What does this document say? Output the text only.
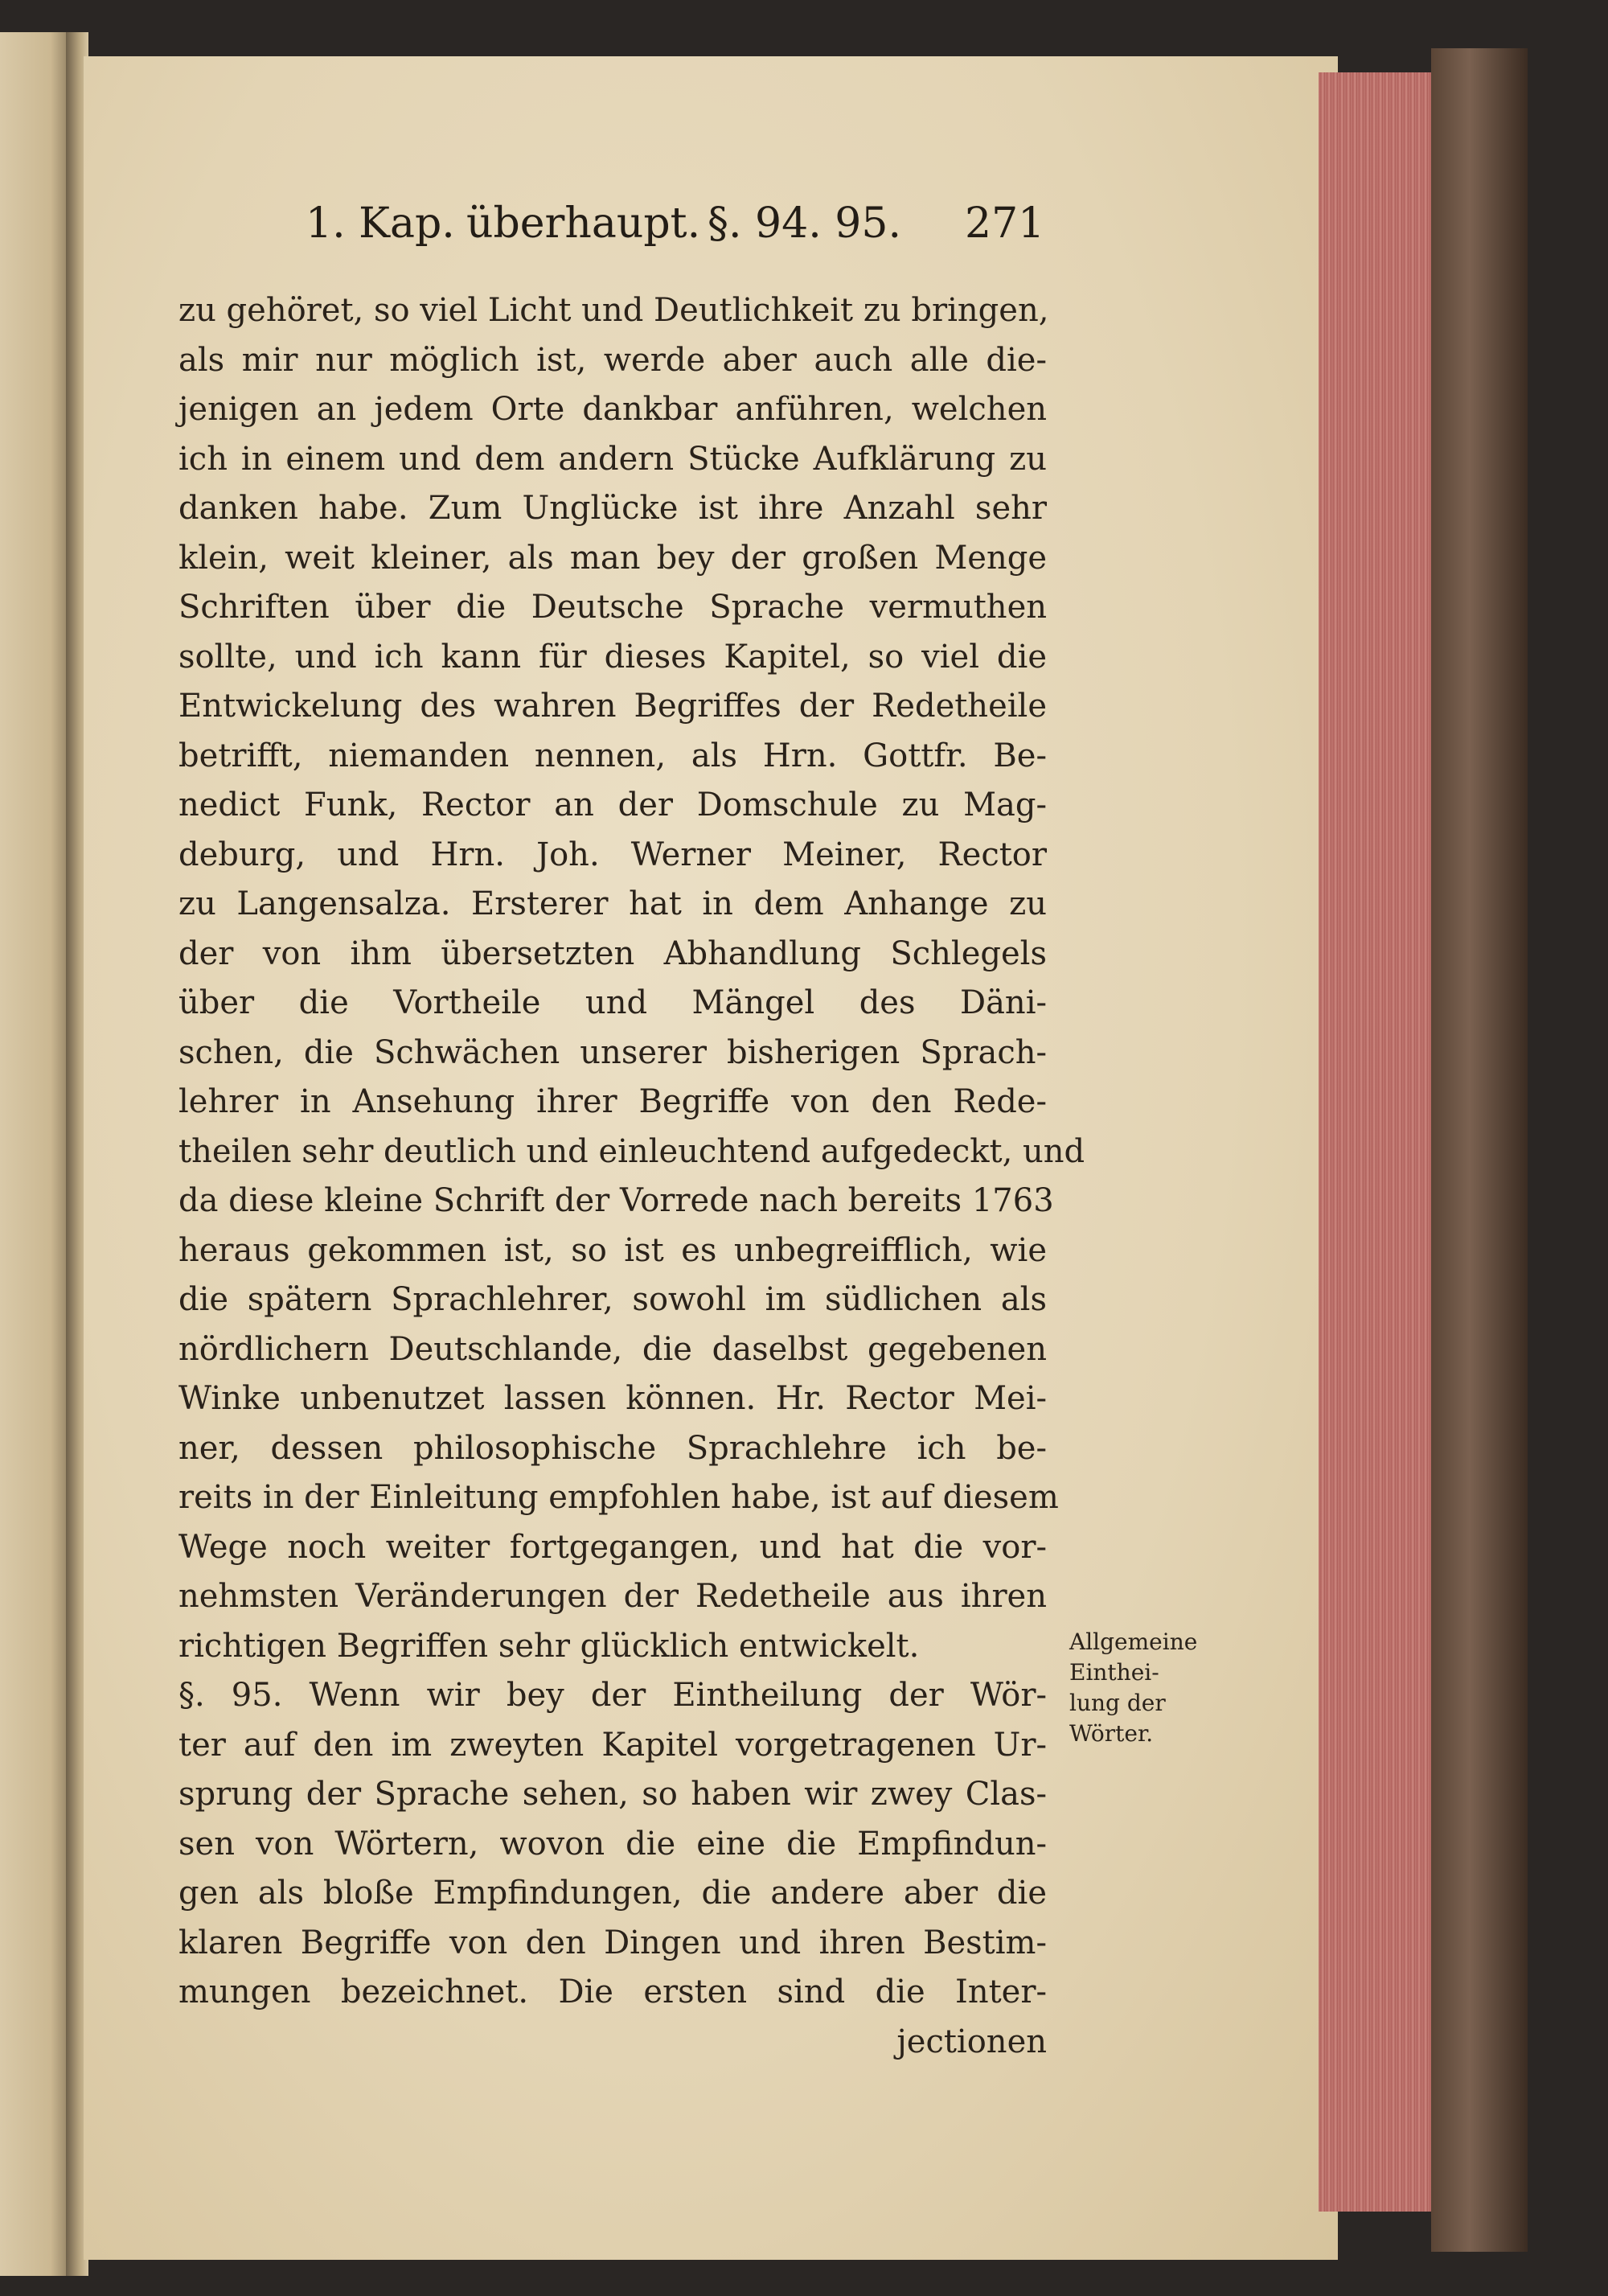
1. Kap. überhaupt. §. 94. 95. 271
zu gehöret, so viel Licht und Deutlichkeit zu bringen,
als mir nur möglich ist, werde aber auch alle die-
jenigen an jedem Orte dankbar anführen, welchen
ich in einem und dem andern Stücke Aufklärung zu
danken habe. Zum Unglücke ist ihre Anzahl sehr
klein, weit kleiner, als man bey der großen Menge
Schriften über die Deutsche Sprache vermuthen
sollte, und ich kann für dieses Kapitel, so viel die
Entwickelung des wahren Begriffes der Redetheile
betrifft, niemanden nennen, als Hrn. Gottfr. Be-
nedict Funk, Rector an der Domschule zu Mag-
deburg, und Hrn. Joh. Werner Meiner, Rector
zu Langensalza. Ersterer hat in dem Anhange zu
der von ihm übersetzten Abhandlung Schlegels
über die Vortheile und Mängel des Däni-
schen, die Schwächen unserer bisherigen Sprach-
lehrer in Ansehung ihrer Begriffe von den Rede-
theilen sehr deutlich und einleuchtend aufgedeckt, und
da diese kleine Schrift der Vorrede nach bereits 1763
heraus gekommen ist, so ist es unbegreifflich, wie
die spätern Sprachlehrer, sowohl im südlichen als
nördlichern Deutschlande, die daselbst gegebenen
Winke unbenutzet lassen können. Hr. Rector Mei-
ner, dessen philosophische Sprachlehre ich be-
reits in der Einleitung empfohlen habe, ist auf diesem
Wege noch weiter fortgegangen, und hat die vor-
nehmsten Veränderungen der Redetheile aus ihren
richtigen Begriffen sehr glücklich entwickelt.
§. 95. Wenn wir bey der Eintheilung der Wör-
ter auf den im zweyten Kapitel vorgetragenen Ur-
sprung der Sprache sehen, so haben wir zwey Clas-
sen von Wörtern, wovon die eine die Empfindun-
gen als bloße Empfindungen, die andere aber die
klaren Begriffe von den Dingen und ihren Bestim-
mungen bezeichnet. Die ersten sind die Inter-
jectionen
Allgemeine
Einthei-
lung der
Wörter.
